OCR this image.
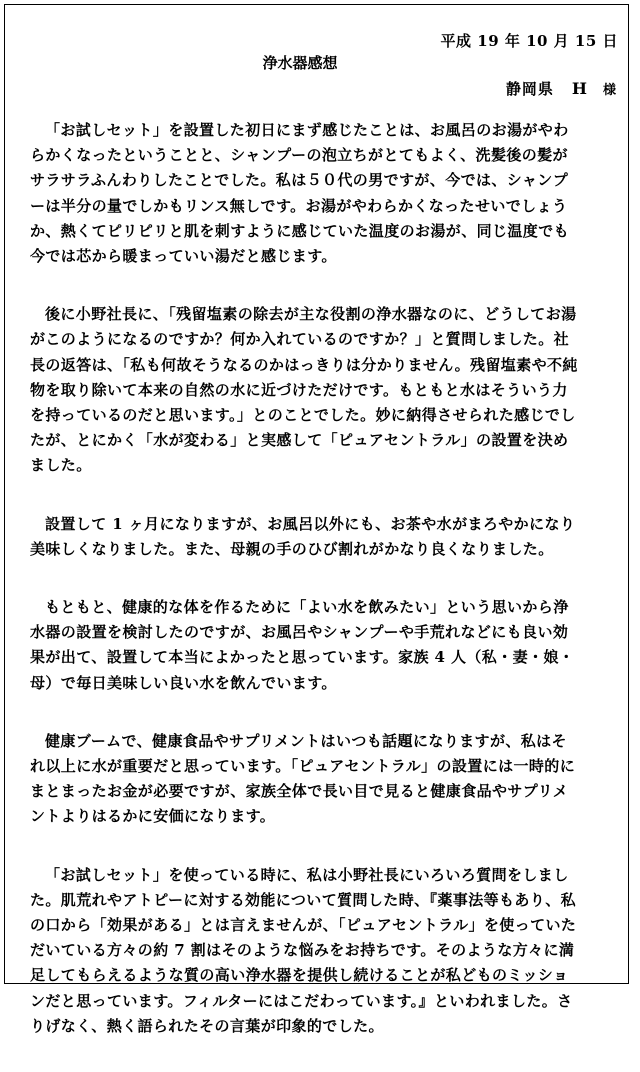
平成 19 年 10 月 15 日
浄水器感想
静岡県 H 様
「お試しセット」を設置した初日にまず感じたことは、お風呂のお湯がやわ
らかくなったということと、シャンプーの泡立ちがとてもよく、洗髪後の髪が
サラサラふんわりしたことでした。私は５０代の男ですが、今では、シャンプ
ーは半分の量でしかもリンス無しです。お湯がやわらかくなったせいでしょう
か、熱くてピリピリと肌を刺すように感じていた温度のお湯が、同じ温度でも
今では芯から暖まっていい湯だと感じます。
後に小野社長に、「残留塩素の除去が主な役割の浄水器なのに、どうしてお湯
がこのようになるのですか？何か入れているのですか？」と質問しました。社
長の返答は、「私も何故そうなるのかはっきりは分かりません。残留塩素や不純
物を取り除いて本来の自然の水に近づけただけです。もともと水はそういう力
を持っているのだと思います。」とのことでした。妙に納得させられた感じでし
たが、とにかく「水が変わる」と実感して「ピュアセントラル」の設置を決め
ました。
設置して 1 ヶ月になりますが、お風呂以外にも、お茶や水がまろやかになり
美味しくなりました。また、母親の手のひび割れがかなり良くなりました。
もともと、健康的な体を作るために「よい水を飲みたい」という思いから浄
水器の設置を検討したのですが、お風呂やシャンプーや手荒れなどにも良い効
果が出て、設置して本当によかったと思っています。家族 4 人（私・妻・娘・
母）で毎日美味しい良い水を飲んでいます。
健康ブームで、健康食品やサプリメントはいつも話題になりますが、私はそ
れ以上に水が重要だと思っています。「ピュアセントラル」の設置には一時的に
まとまったお金が必要ですが、家族全体で長い目で見ると健康食品やサプリメ
ントよりはるかに安価になります。
「お試しセット」を使っている時に、私は小野社長にいろいろ質問をしまし
た。肌荒れやアトピーに対する効能について質問した時、『薬事法等もあり、私
の口から「効果がある」とは言えませんが、「ピュアセントラル」を使っていた
だいている方々の約 7 割はそのような悩みをお持ちです。そのような方々に満
足してもらえるような質の高い浄水器を提供し続けることが私どものミッショ
ンだと思っています。フィルターにはこだわっています。』といわれました。さ
りげなく、熱く語られたその言葉が印象的でした。
